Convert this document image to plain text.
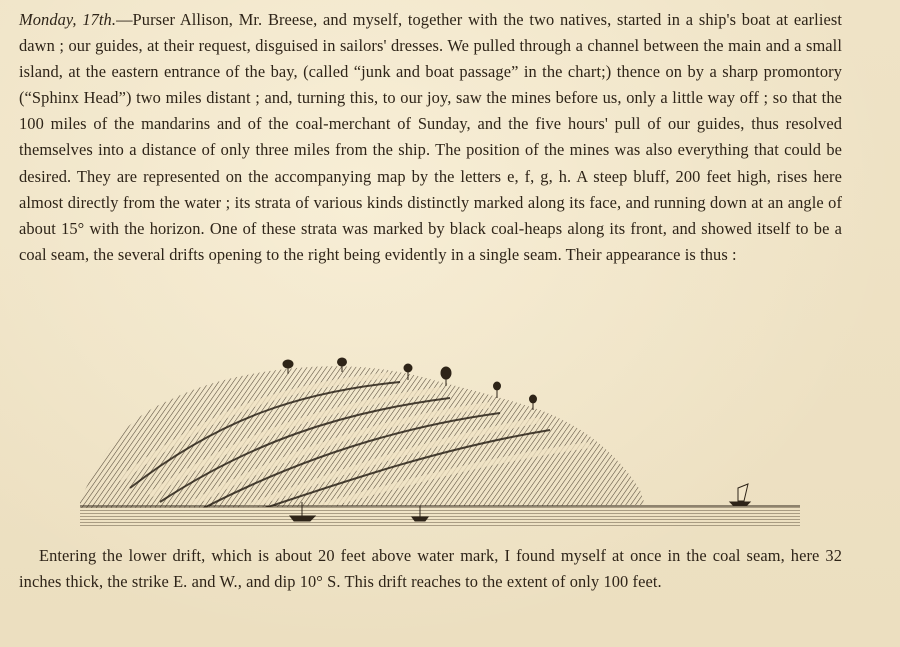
Monday, 17th.—Purser Allison, Mr. Breese, and myself, together with the two natives, started in a ship's boat at earliest dawn ; our guides, at their request, disguised in sailors' dresses. We pulled through a channel between the main and a small island, at the eastern entrance of the bay, (called “junk and boat passage” in the chart;) thence on by a sharp promontory (“Sphinx Head”) two miles distant ; and, turning this, to our joy, saw the mines before us, only a little way off ; so that the 100 miles of the mandarins and of the coal-merchant of Sunday, and the five hours' pull of our guides, thus resolved themselves into a distance of only three miles from the ship. The position of the mines was also everything that could be desired. They are represented on the accompanying map by the letters e, f, g, h. A steep bluff, 200 feet high, rises here almost directly from the water ; its strata of various kinds distinctly marked along its face, and running down at an angle of about 15° with the horizon. One of these strata was marked by black coal-heaps along its front, and showed itself to be a coal seam, the several drifts opening to the right being evidently in a single seam. Their appearance is thus :

Entering the lower drift, which is about 20 feet above water mark, I found myself at once in the coal seam, here 32 inches thick, the strike E. and W., and dip 10° S. This drift reaches to the extent of only 100 feet.
